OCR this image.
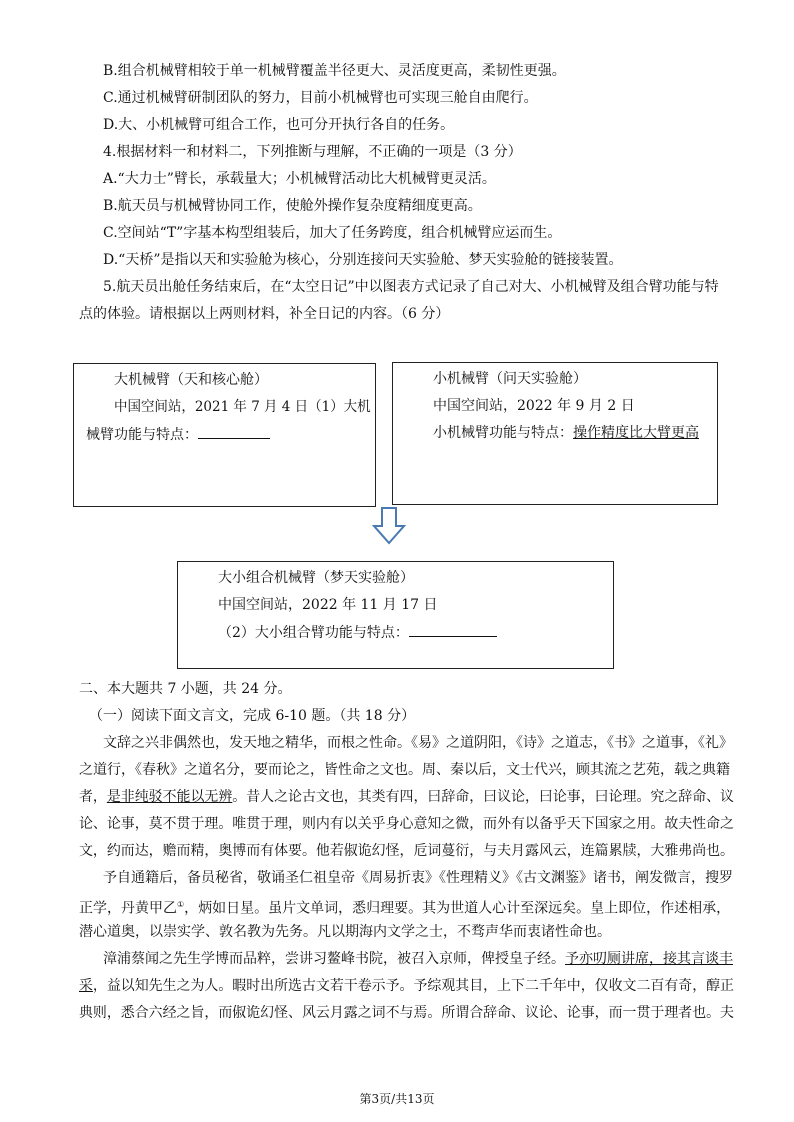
B.组合机械臂相较于单一机械臂覆盖半径更大、灵活度更高，柔韧性更强。
C.通过机械臂研制团队的努力，目前小机械臂也可实现三舱自由爬行。
D.大、小机械臂可组合工作，也可分开执行各自的任务。
4.根据材料一和材料二，下列推断与理解，不正确的一项是（3 分）
A.“大力士”臂长，承载量大；小机械臂活动比大机械臂更灵活。
B.航天员与机械臂协同工作，使舱外操作复杂度精细度更高。
C.空间站“T”字基本构型组装后，加大了任务跨度，组合机械臂应运而生。
D.“天桥”是指以天和实验舱为核心，分别连接问天实验舱、梦天实验舱的链接装置。
5.航天员出舱任务结束后，在“太空日记”中以图表方式记录了自己对大、小机械臂及组合臂功能与特
点的体验。请根据以上两则材料，补全日记的内容。（6 分）
大机械臂（天和核心舱）
中国空间站，2021 年 7 月 4 日（1）大机
械臂功能与特点：
小机械臂（问天实验舱）
中国空间站，2022 年 9 月 2 日
小机械臂功能与特点：操作精度比大臂更高
大小组合机械臂（梦天实验舱）
中国空间站，2022 年 11 月 17 日
（2）大小组合臂功能与特点：
二、本大题共 7 小题，共 24 分。
（一）阅读下面文言文，完成 6-10 题。（共 18 分）
文辞之兴非偶然也，发天地之精华，而根之性命。《易》之道阴阳，《诗》之道志，《书》之道事，《礼》
之道行，《春秋》之道名分，要而论之，皆性命之文也。周、秦以后，文士代兴，顾其流之艺苑，载之典籍
者，是非纯驳不能以无辨。昔人之论古文也，其类有四，曰辞命，曰议论，曰论事，曰论理。究之辞命、议
论、论事，莫不贯于理。唯贯于理，则内有以关乎身心意知之微，而外有以备乎天下国家之用。故夫性命之
文，约而达，赡而精，奥博而有体要。他若俶诡幻怪，卮词蔓衍，与夫月露风云，连篇累牍，大雅弗尚也。
予自通籍后，备员秘省，敬诵圣仁祖皇帝《周易折衷》《性理精义》《古文渊鉴》诸书，阐发微言，搜罗
正学，丹黄甲乙①，炳如日星。虽片文单词，悉归理要。其为世道人心计至深远矣。皇上即位，作述相承，
潜心道奥，以崇实学、敦名教为先务。凡以期海内文学之士，不骛声华而衷诸性命也。
漳浦蔡闻之先生学博而品粹，尝讲习鳌峰书院，被召入京师，俾授皇子经。予亦叨厕讲席，接其言谈丰
采，益以知先生之为人。暇时出所选古文若干卷示予。予综观其目，上下二千年中，仅收文二百有奇，醇正
典则，悉合六经之旨，而俶诡幻怪、风云月露之词不与焉。所谓合辞命、议论、论事，而一贯于理者也。夫
第3页/共13页
